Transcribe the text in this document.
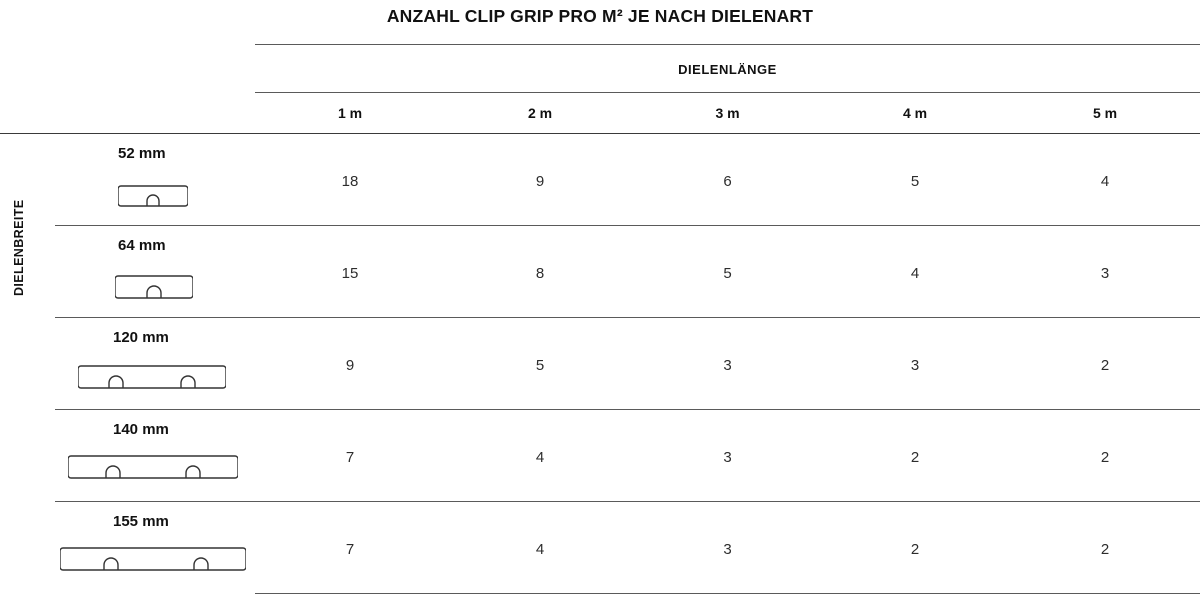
ANZAHL CLIP GRIP PRO M² JE NACH DIELENART
DIELENBREITE
DIELENLÄNGE
1 m	2 m	3 m	4 m	5 m
52 mm
18	9	6	5	4
64 mm
15	8	5	4	3
120 mm
9	5	3	3	2
140 mm
7	4	3	2	2
155 mm
7	4	3	2	2
